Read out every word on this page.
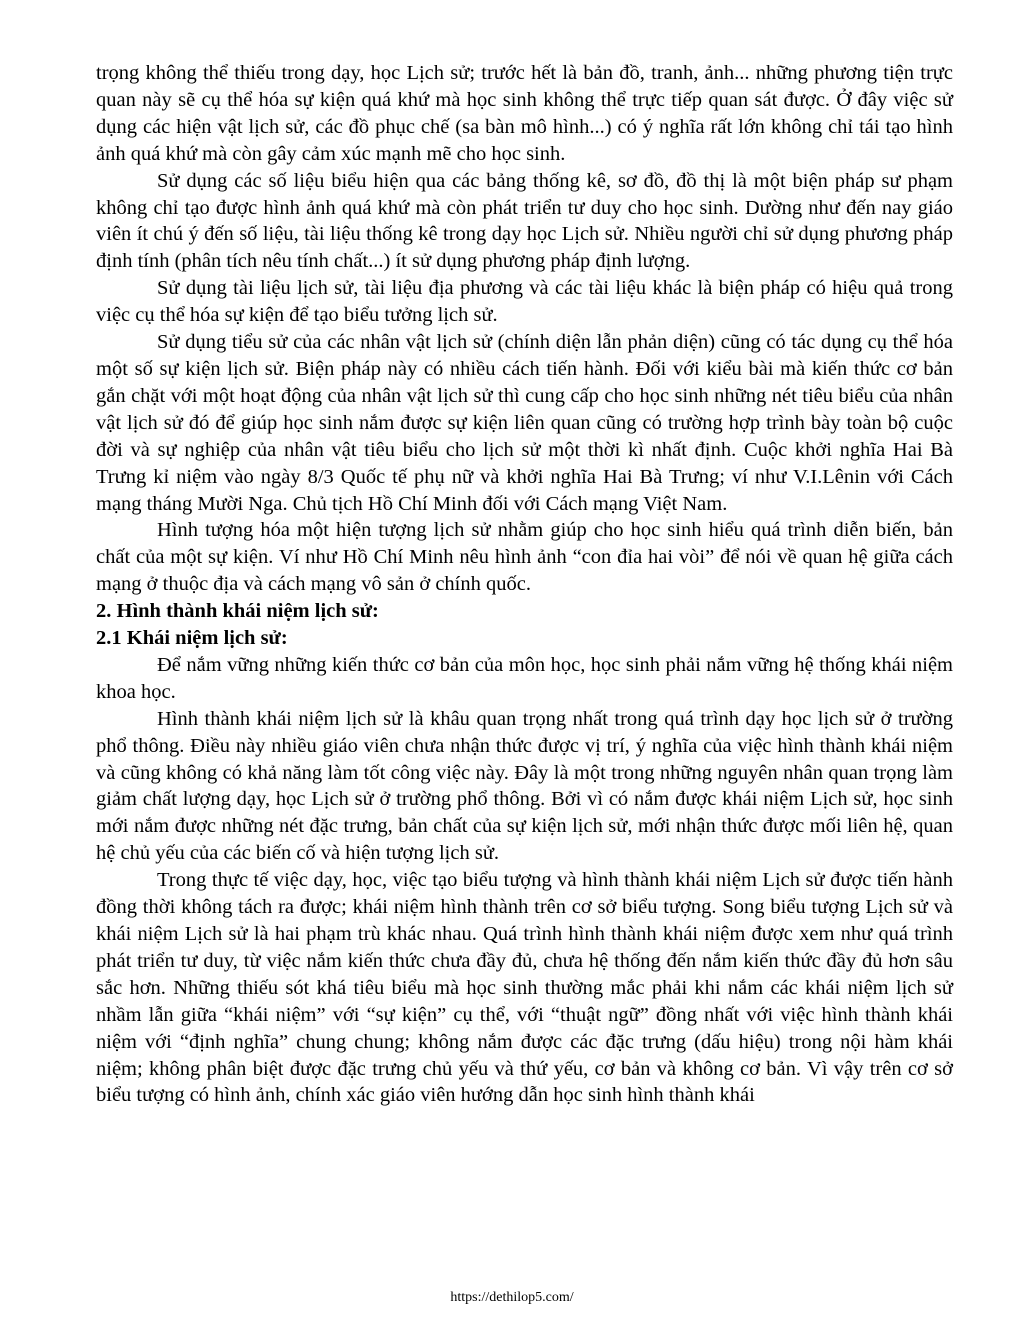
trọng không thể thiếu trong dạy, học Lịch sử; trước hết là bản đồ, tranh, ảnh... những phương tiện trực quan này sẽ cụ thể hóa sự kiện quá khứ mà học sinh không thể trực tiếp quan sát được. Ở đây việc sử dụng các hiện vật lịch sử, các đồ phục chế (sa bàn mô hình...) có ý nghĩa rất lớn không chỉ tái tạo hình ảnh quá khứ mà còn gây cảm xúc mạnh mẽ cho học sinh.

Sử dụng các số liệu biểu hiện qua các bảng thống kê, sơ đồ, đồ thị là một biện pháp sư phạm không chỉ tạo được hình ảnh quá khứ mà còn phát triển tư duy cho học sinh. Dường như đến nay giáo viên ít chú ý đến số liệu, tài liệu thống kê trong dạy học Lịch sử. Nhiều người chỉ sử dụng phương pháp định tính (phân tích nêu tính chất...) ít sử dụng phương pháp định lượng.

Sử dụng tài liệu lịch sử, tài liệu địa phương và các tài liệu khác là biện pháp có hiệu quả trong việc cụ thể hóa sự kiện để tạo biểu tưởng lịch sử.

Sử dụng tiểu sử của các nhân vật lịch sử (chính diện lẫn phản diện) cũng có tác dụng cụ thể hóa một số sự kiện lịch sử. Biện pháp này có nhiều cách tiến hành. Đối với kiểu bài mà kiến thức cơ bản gắn chặt với một hoạt động của nhân vật lịch sử thì cung cấp cho học sinh những nét tiêu biểu của nhân vật lịch sử đó để giúp học sinh nắm được sự kiện liên quan cũng có trường hợp trình bày toàn bộ cuộc đời và sự nghiệp của nhân vật tiêu biểu cho lịch sử một thời kì nhất định. Cuộc khởi nghĩa Hai Bà Trưng kỉ niệm vào ngày 8/3 Quốc tế phụ nữ và khởi nghĩa Hai Bà Trưng; ví như V.I.Lênin với Cách mạng tháng Mười Nga. Chủ tịch Hồ Chí Minh đối với Cách mạng Việt Nam.

Hình tượng hóa một hiện tượng lịch sử nhằm giúp cho học sinh hiểu quá trình diễn biến, bản chất của một sự kiện. Ví như Hồ Chí Minh nêu hình ảnh “con đỉa hai vòi” để nói về quan hệ giữa cách mạng ở thuộc địa và cách mạng vô sản ở chính quốc.

2. Hình thành khái niệm lịch sử:

2.1 Khái niệm lịch sử:

Để nắm vững những kiến thức cơ bản của môn học, học sinh phải nắm vững hệ thống khái niệm khoa học.

Hình thành khái niệm lịch sử là khâu quan trọng nhất trong quá trình dạy học lịch sử ở trường phổ thông. Điều này nhiều giáo viên chưa nhận thức được vị trí, ý nghĩa của việc hình thành khái niệm và cũng không có khả năng làm tốt công việc này. Đây là một trong những nguyên nhân quan trọng làm giảm chất lượng dạy, học Lịch sử ở trường phổ thông. Bởi vì có nắm được khái niệm Lịch sử, học sinh mới nắm được những nét đặc trưng, bản chất của sự kiện lịch sử, mới nhận thức được mối liên hệ, quan hệ chủ yếu của các biến cố và hiện tượng lịch sử.

Trong thực tế việc dạy, học, việc tạo biểu tượng và hình thành khái niệm Lịch sử được tiến hành đồng thời không tách ra được; khái niệm hình thành trên cơ sở biểu tượng. Song biểu tượng Lịch sử và khái niệm Lịch sử là hai phạm trù khác nhau. Quá trình hình thành khái niệm được xem như quá trình phát triển tư duy, từ việc nắm kiến thức chưa đầy đủ, chưa hệ thống đến nắm kiến thức đầy đủ hơn sâu sắc hơn. Những thiếu sót khá tiêu biểu mà học sinh thường mắc phải khi nắm các khái niệm lịch sử nhầm lẫn giữa “khái niệm” với “sự kiện” cụ thể, với “thuật ngữ” đồng nhất với việc hình thành khái niệm với “định nghĩa” chung chung; không nắm được các đặc trưng (dấu hiệu) trong nội hàm khái niệm; không phân biệt được đặc trưng chủ yếu và thứ yếu, cơ bản và không cơ bản. Vì vậy trên cơ sở biểu tượng có hình ảnh, chính xác giáo viên hướng dẫn học sinh hình thành khái

https://dethilop5.com/
